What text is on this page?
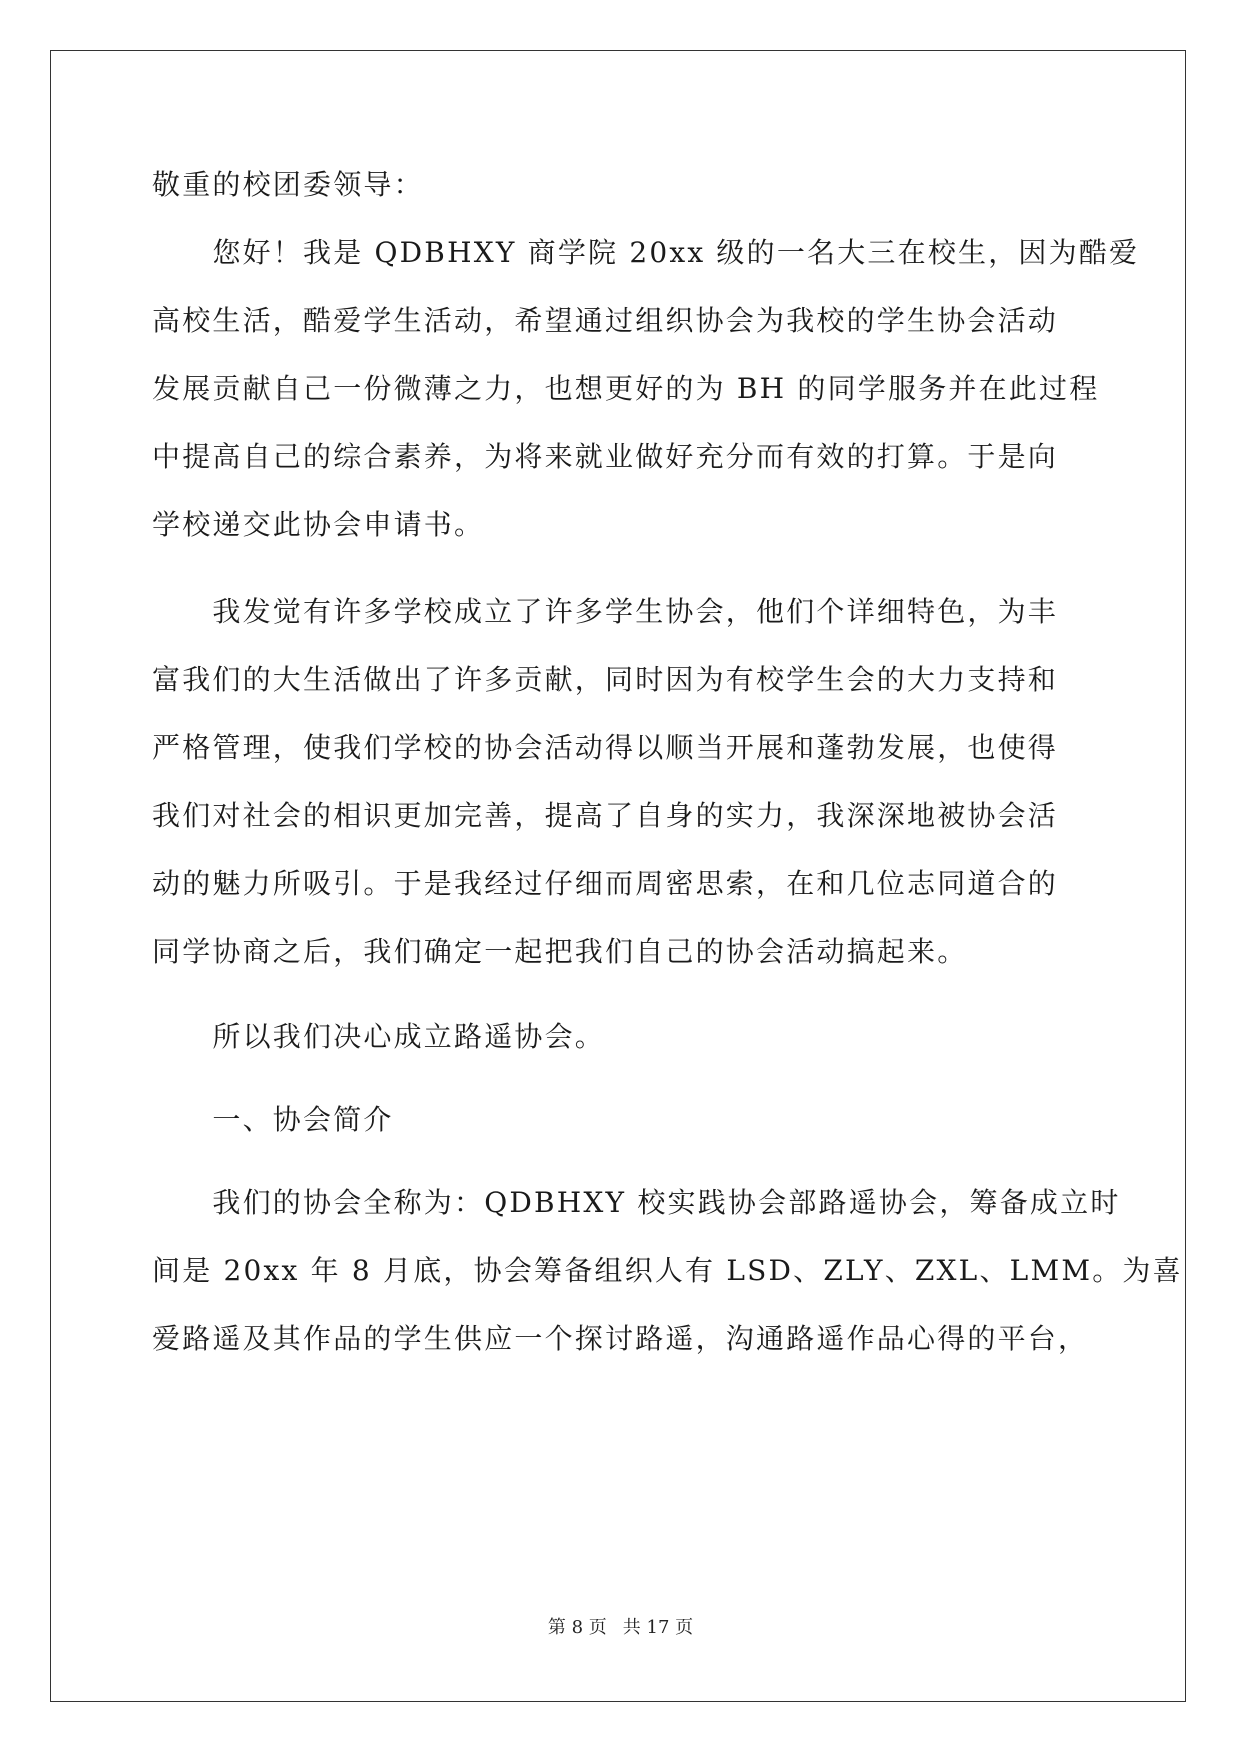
敬重的校团委领导：
　　您好！我是 QDBHXY 商学院 20xx 级的一名大三在校生，因为酷爱
高校生活，酷爱学生活动，希望通过组织协会为我校的学生协会活动
发展贡献自己一份微薄之力，也想更好的为 BH 的同学服务并在此过程
中提高自己的综合素养，为将来就业做好充分而有效的打算。于是向
学校递交此协会申请书。
　　我发觉有许多学校成立了许多学生协会，他们个详细特色，为丰
富我们的大生活做出了许多贡献，同时因为有校学生会的大力支持和
严格管理，使我们学校的协会活动得以顺当开展和蓬勃发展，也使得
我们对社会的相识更加完善，提高了自身的实力，我深深地被协会活
动的魅力所吸引。于是我经过仔细而周密思索，在和几位志同道合的
同学协商之后，我们确定一起把我们自己的协会活动搞起来。
　　所以我们决心成立路遥协会。
　　一、协会简介
　　我们的协会全称为：QDBHXY 校实践协会部路遥协会，筹备成立时
间是 20xx 年 8 月底，协会筹备组织人有 LSD、ZLY、ZXL、LMM。为喜
爱路遥及其作品的学生供应一个探讨路遥，沟通路遥作品心得的平台，
第 8 页 共 17 页
